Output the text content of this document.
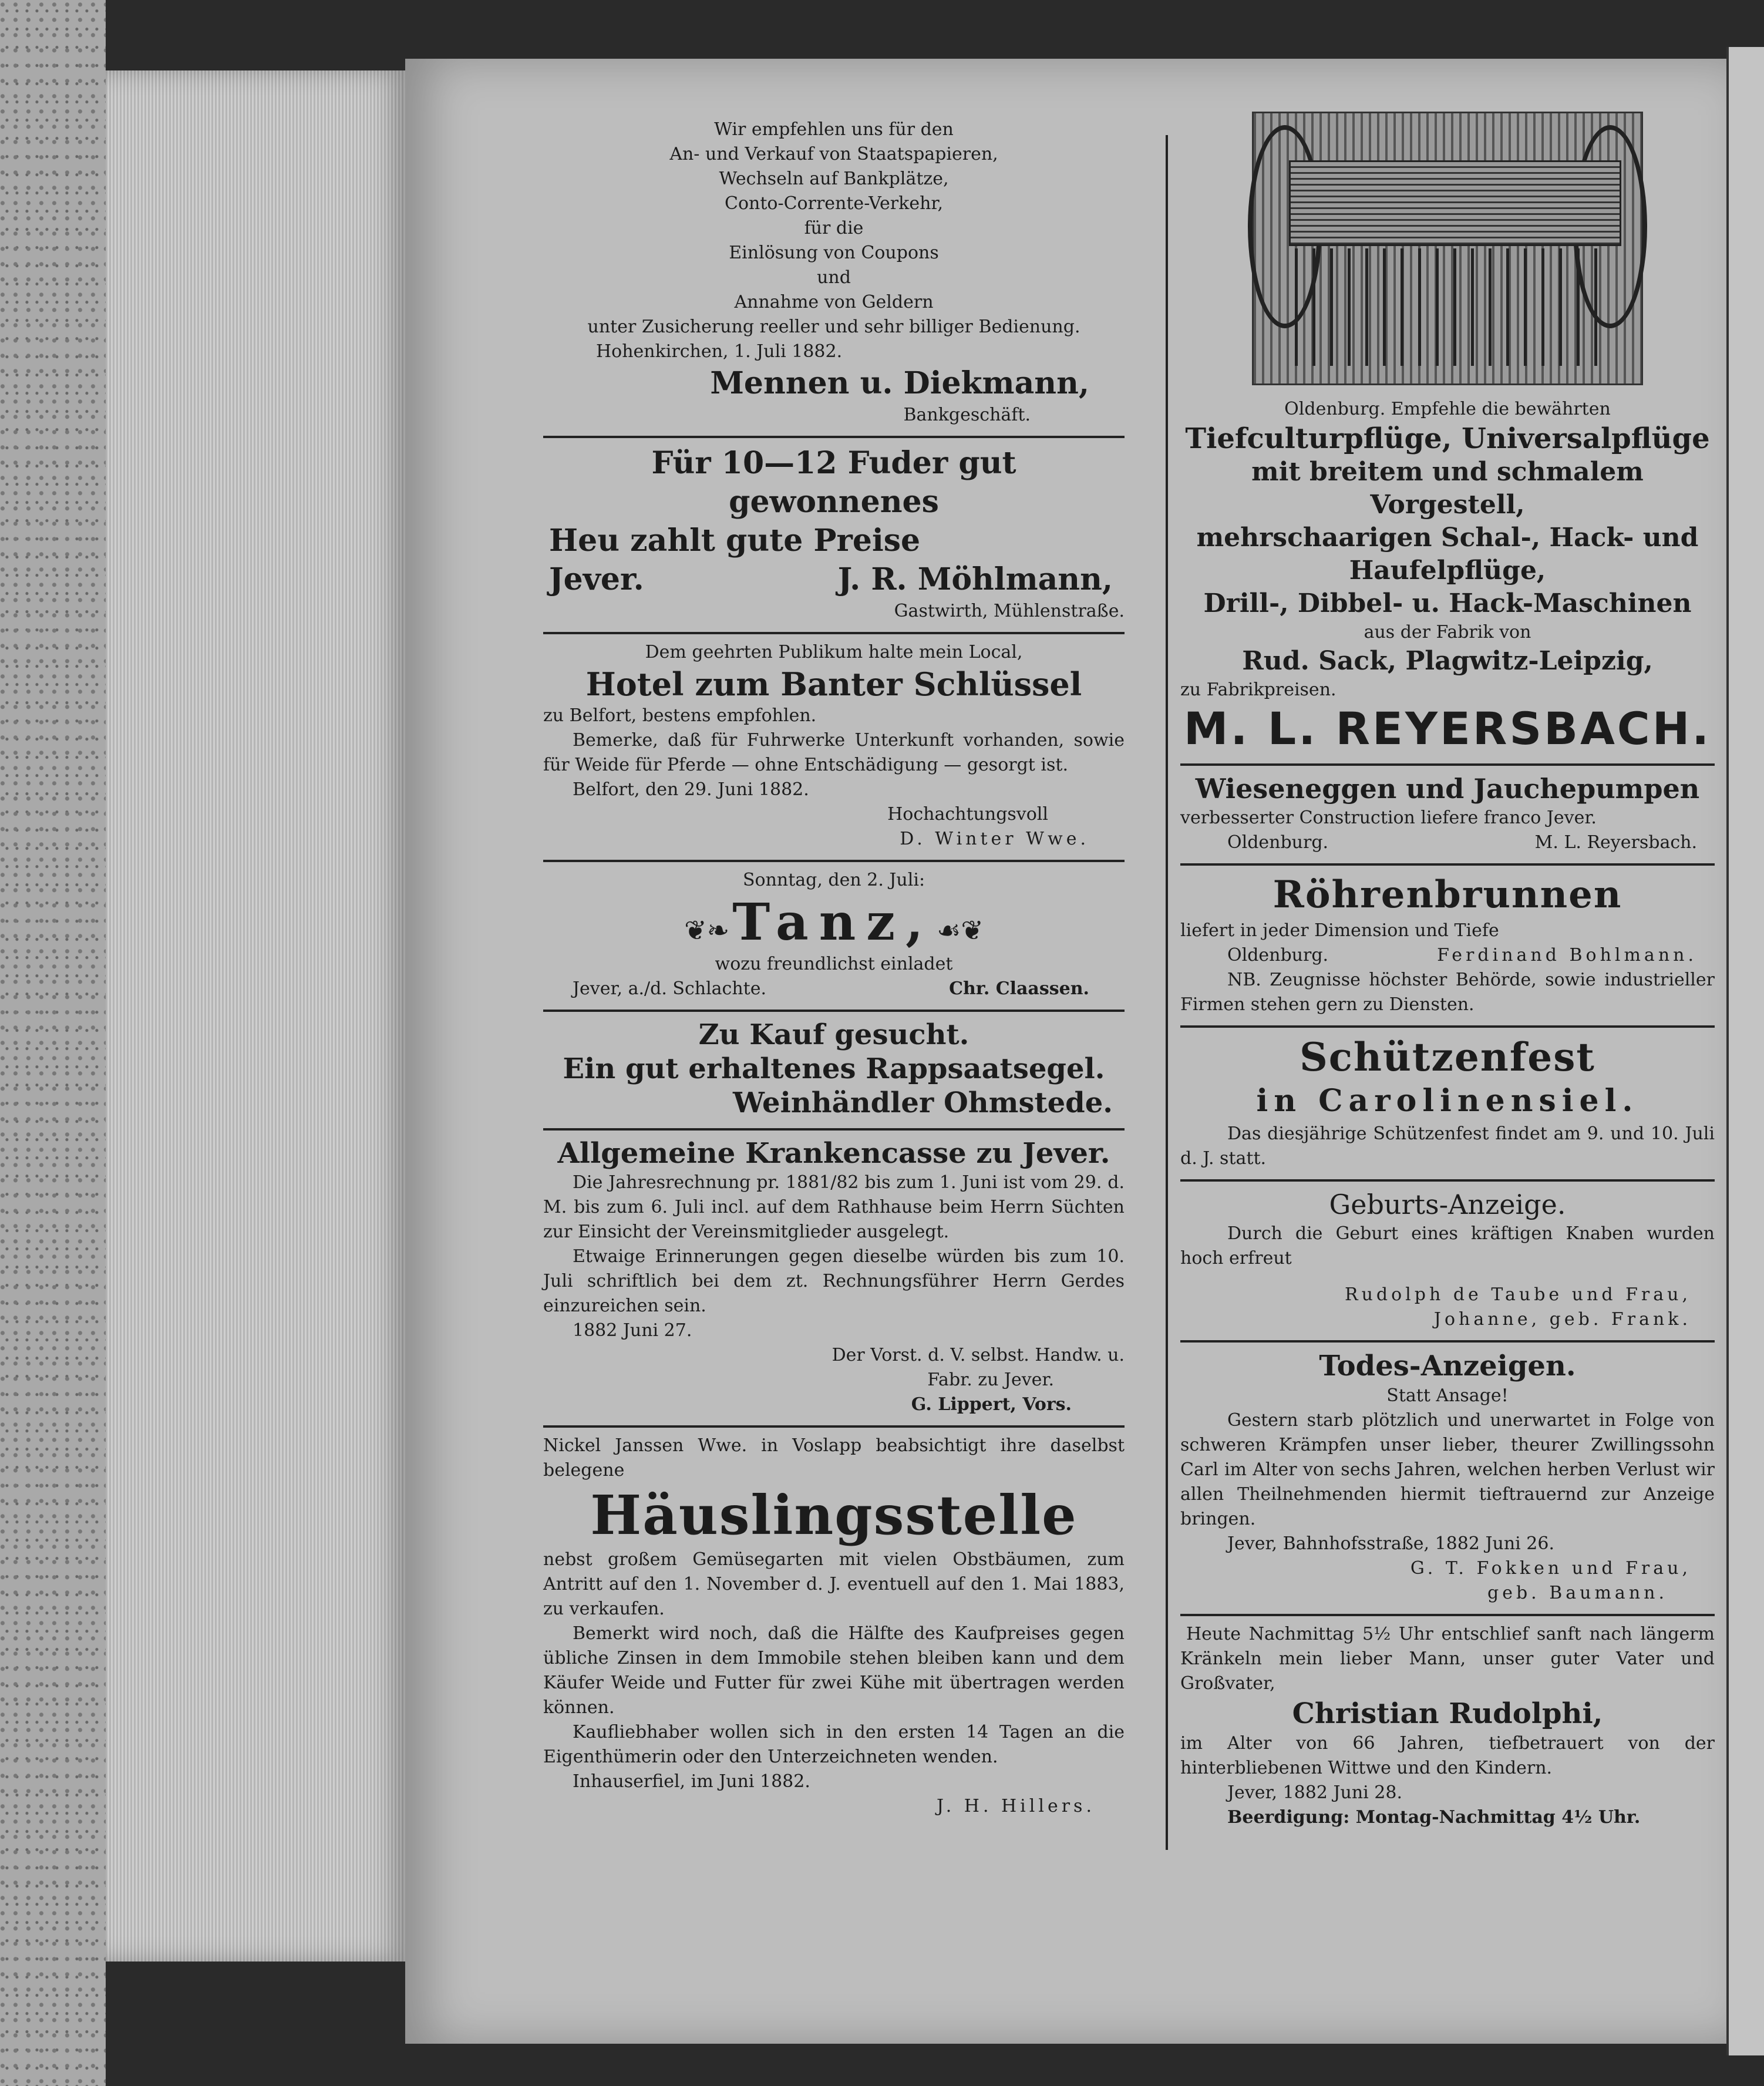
Wir empfehlen uns für den
An- und Verkauf von Staatspapieren,
Wechseln auf Bankplätze,
Conto-Corrente-Verkehr,
für die
Einlösung von Coupons
und
Annahme von Geldern
unter Zusicherung reeller und sehr billiger Bedienung.
Hohenkirchen, 1. Juli 1882.
Mennen u. Diekmann,
Bankgeschäft.
Für 10—12 Fuder gut gewonnenes
Heu zahlt gute Preise
Jever.	J. R. Möhlmann,
Gastwirth, Mühlenstraße.
Dem geehrten Publikum halte mein Local,
Hotel zum Banter Schlüssel
zu Belfort, bestens empfohlen.
Bemerke, daß für Fuhrwerke Unterkunft vorhanden, sowie für Weide für Pferde — ohne Entschädigung — gesorgt ist.
Belfort, den 29. Juni 1882.
Hochachtungsvoll
D. Winter Wwe.
Sonntag, den 2. Juli:
❦❧ Tanz, ☙❦
wozu freundlichst einladet
Jever, a./d. Schlachte.	Chr. Claassen.
Zu Kauf gesucht.
Ein gut erhaltenes Rappsaatsegel.
Weinhändler Ohmstede.
Allgemeine Krankencasse zu Jever.
Die Jahresrechnung pr. 1881/82 bis zum 1. Juni ist vom 29. d. M. bis zum 6. Juli incl. auf dem Rathhause beim Herrn Süchten zur Einsicht der Vereinsmitglieder ausgelegt.
Etwaige Erinnerungen gegen dieselbe würden bis zum 10. Juli schriftlich bei dem zt. Rechnungsführer Herrn Gerdes einzureichen sein.
1882 Juni 27.
Der Vorst. d. V. selbst. Handw. u.
Fabr. zu Jever.
G. Lippert, Vors.
Nickel Janssen Wwe. in Voslapp beabsichtigt ihre daselbst belegene
Häuslingsstelle
nebst großem Gemüsegarten mit vielen Obstbäumen, zum Antritt auf den 1. November d. J. eventuell auf den 1. Mai 1883, zu verkaufen.
Bemerkt wird noch, daß die Hälfte des Kaufpreises gegen übliche Zinsen in dem Immobile stehen bleiben kann und dem Käufer Weide und Futter für zwei Kühe mit übertragen werden können.
Kaufliebhaber wollen sich in den ersten 14 Tagen an die Eigenthümerin oder den Unterzeichneten wenden.
Inhauserfiel, im Juni 1882.
J. H. Hillers.
Oldenburg. Empfehle die bewährten
Tiefculturpflüge, Universalpflüge
mit breitem und schmalem Vorgestell,
mehrschaarigen Schal-, Hack- und
Haufelpflüge,
Drill-, Dibbel- u. Hack-Maschinen
aus der Fabrik von
Rud. Sack, Plagwitz-Leipzig,
zu Fabrikpreisen.
M. L. REYERSBACH.
Wieseneggen und Jauchepumpen
verbesserter Construction liefere franco Jever.
Oldenburg.	M. L. Reyersbach.
Röhrenbrunnen
liefert in jeder Dimension und Tiefe
Oldenburg.	Ferdinand Bohlmann.
NB. Zeugnisse höchster Behörde, sowie industrieller Firmen stehen gern zu Diensten.
Schützenfest
in Carolinensiel.
Das diesjährige Schützenfest findet am 9. und 10. Juli d. J. statt.
Geburts-Anzeige.
Durch die Geburt eines kräftigen Knaben wurden hoch erfreut
Rudolph de Taube und Frau,
Johanne, geb. Frank.
Todes-Anzeigen.
Statt Ansage!
Gestern starb plötzlich und unerwartet in Folge von schweren Krämpfen unser lieber, theurer Zwillingssohn Carl im Alter von sechs Jahren, welchen herben Verlust wir allen Theilnehmenden hiermit tieftrauernd zur Anzeige bringen.
Jever, Bahnhofsstraße, 1882 Juni 26.
G. T. Fokken und Frau,
geb. Baumann.
Heute Nachmittag 5½ Uhr entschlief sanft nach längerm Kränkeln mein lieber Mann, unser guter Vater und Großvater,
Christian Rudolphi,
im Alter von 66 Jahren, tiefbetrauert von der hinterbliebenen Wittwe und den Kindern.
Jever, 1882 Juni 28.
Beerdigung: Montag-Nachmittag 4½ Uhr.
